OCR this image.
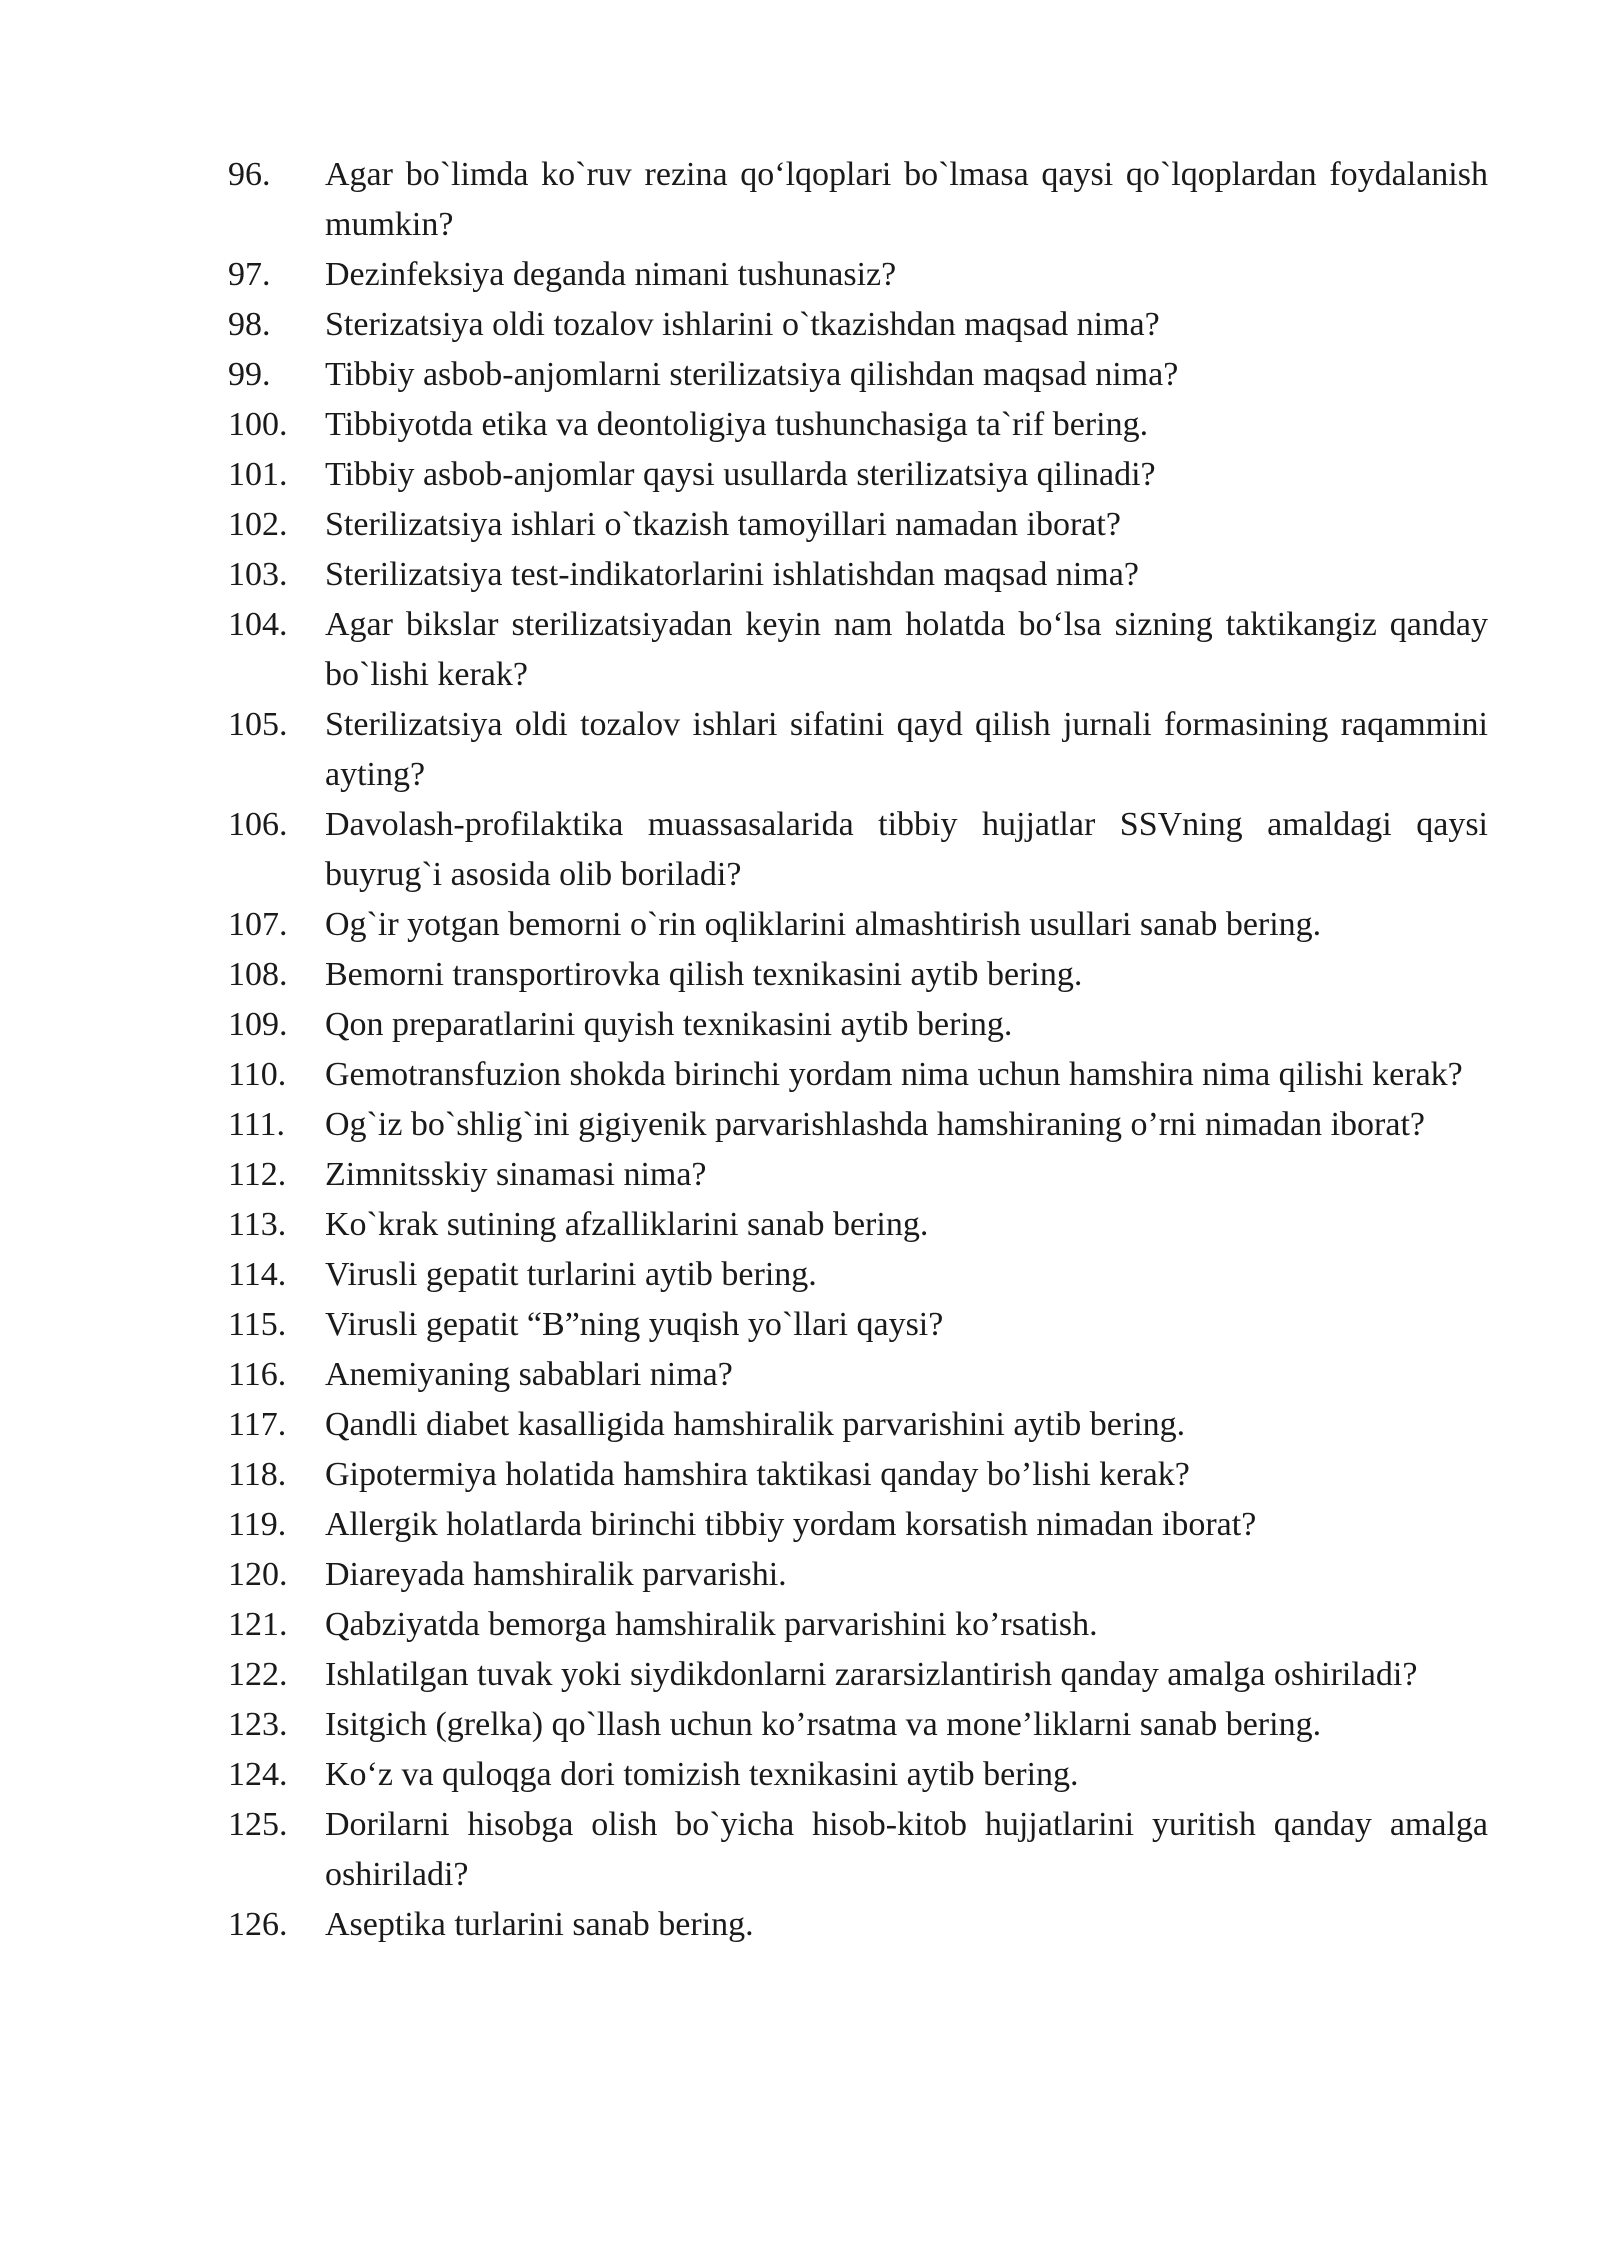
96.	Agar bo`limda ko`ruv rezina qo‘lqoplari bo`lmasa qaysi qo`lqoplardan foydalanish mumkin?
97.	Dezinfeksiya deganda nimani tushunasiz?
98.	Sterizatsiya oldi tozalov ishlarini o`tkazishdan maqsad nima?
99.	Tibbiy asbob-anjomlarni sterilizatsiya qilishdan maqsad nima?
100.	Tibbiyotda etika va deontoligiya tushunchasiga ta`rif bering.
101.	Tibbiy asbob-anjomlar qaysi usullarda sterilizatsiya qilinadi?
102.	Sterilizatsiya ishlari o`tkazish tamoyillari namadan iborat?
103.	Sterilizatsiya test-indikatorlarini ishlatishdan maqsad nima?
104.	Agar bikslar sterilizatsiyadan keyin nam holatda bo‘lsa sizning taktikangiz qanday bo`lishi kerak?
105.	Sterilizatsiya oldi tozalov ishlari sifatini qayd qilish jurnali formasining raqammini ayting?
106.	Davolash-profilaktika muassasalarida tibbiy hujjatlar SSVning amaldagi qaysi buyrug`i asosida olib boriladi?
107.	Og`ir yotgan bemorni o`rin oqliklarini almashtirish usullari sanab bering.
108.	Bemorni transportirovka qilish texnikasini aytib bering.
109.	Qon preparatlarini quyish texnikasini aytib bering.
110.	Gemotransfuzion shokda birinchi yordam nima uchun hamshira nima qilishi kerak?
111.	Og`iz bo`shlig`ini gigiyenik parvarishlashda hamshiraning o’rni nimadan iborat?
112.	Zimnitsskiy sinamasi nima?
113.	Ko`krak sutining afzalliklarini sanab bering.
114.	Virusli gepatit turlarini aytib bering.
115.	Virusli gepatit “B”ning yuqish yo`llari qaysi?
116.	Anemiyaning sabablari nima?
117.	Qandli diabet kasalligida hamshiralik parvarishini aytib bering.
118.	Gipotermiya holatida hamshira taktikasi qanday bo’lishi kerak?
119.	Allergik holatlarda birinchi tibbiy yordam korsatish nimadan iborat?
120.	Diareyada hamshiralik parvarishi.
121.	Qabziyatda bemorga hamshiralik parvarishini ko’rsatish.
122.	Ishlatilgan tuvak yoki siydikdonlarni zararsizlantirish qanday amalga oshiriladi?
123.	Isitgich (grelka) qo`llash uchun ko’rsatma va mone’liklarni sanab bering.
124.	Ko‘z va quloqga dori tomizish texnikasini aytib bering.
125.	Dorilarni hisobga olish bo`yicha hisob-kitob hujjatlarini yuritish qanday amalga oshiriladi?
126.	Aseptika turlarini sanab bering.
